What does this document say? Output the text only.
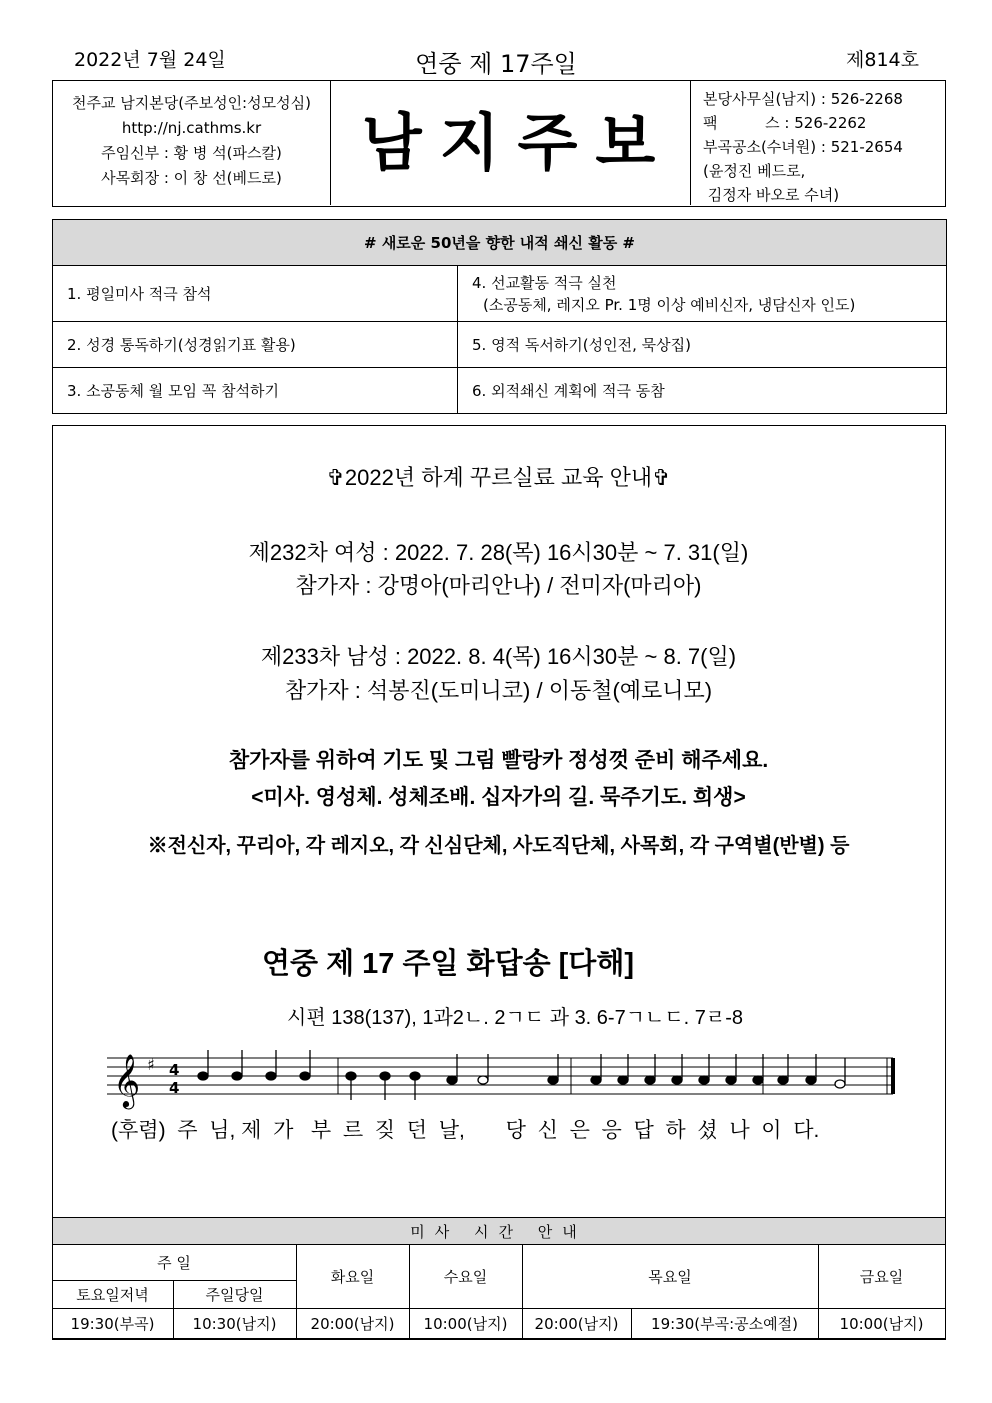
2022년 7월 24일	연중 제 17주일	제814호
천주교 남지본당(주보성인:성모성심)
http://nj.cathms.kr
주임신부 : 황 병 석(파스칼)
사목회장 : 이 창 선(베드로)	남지주보
본당사무실(남지) : 526-2268
팩          스 : 526-2262
부곡공소(수녀원) : 521-2654
(윤정진 베드로,
김정자 바오로 수녀)
# 새로운 50년을 향한 내적 쇄신 활동 #	
1. 평일미사 적극 참석	4. 선교활동 적극 실천
(소공동체, 레지오 Pr. 1명 이상 예비신자, 냉담신자 인도)

2. 성경 통독하기(성경읽기표 활용)	5. 영적 독서하기(성인전, 묵상집)
3. 소공동체 월 모임 꼭 참석하기	6. 외적쇄신 계획에 적극 동참
✞2022년 하계 꾸르실료 교육 안내✞
제232차 여성 : 2022. 7. 28(목) 16시30분 ~ 7. 31(일)
참가자 : 강명아(마리안나) / 전미자(마리아)
제233차 남성 : 2022. 8. 4(목) 16시30분 ~ 8. 7(일)
참가자 : 석봉진(도미니코) / 이동철(예로니모)
참가자를 위하여 기도 및 그림 빨랑카 정성껏 준비 해주세요.
<미사. 영성체. 성체조배. 십자가의 길. 묵주기도. 희생>
※전신자, 꾸리아, 각 레지오, 각 신심단체, 사도직단체, 사목회, 각 구역별(반별) 등
연중 제 17 주일 화답송 [다해]
시편 138(137), 1과2ㄴ. 2ㄱㄷ 과 3. 6-7ㄱㄴㄷ. 7ㄹ-8
𝄞 ♯ 4
4
(후렴)  주  님, 제  가   부  르  짖  던  날,       당  신  은  응  답  하  셨  나  이  다.
미사 시간 안내						
주 일		화요일	수요일	목요일		금요일
토요일저녁	주일당일					
19:30(부곡)	10:30(남지)	20:00(남지)	10:00(남지)	20:00(남지)	19:30(부곡:공소예절)	10:00(남지)
